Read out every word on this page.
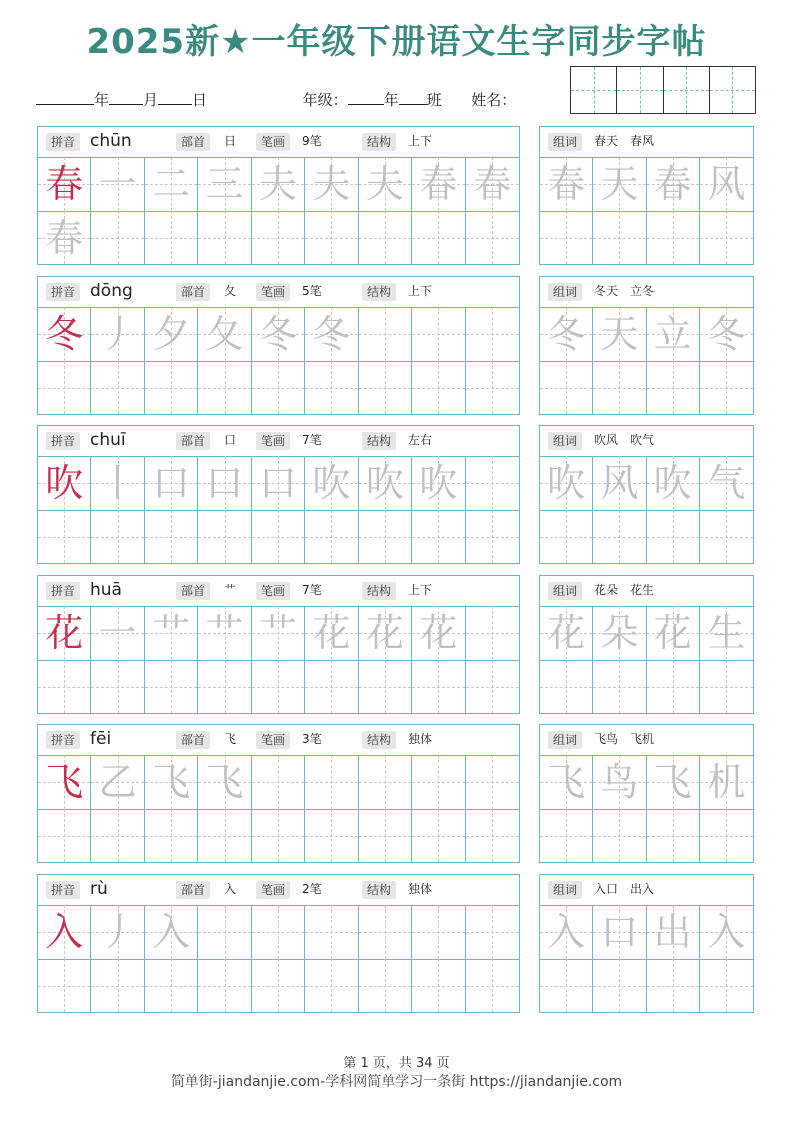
2025新★一年级下册语文生字同步字帖
年 月 日	年级： 年 班 姓名：
拼音 chūn	部首	日	笔画	9笔	结构	上下
春 一 二 三 夫 夫 夫 春 春
春
组词	春天　春风
春 天 春 风
拼音 dōng	部首	夂	笔画	5笔	结构	上下
冬 丿 夕 夂 冬 冬
组词	冬天　立冬
冬 天 立 冬
拼音 chuī	部首	口	笔画	7笔	结构	左右
吹 丨 口 口 口 吹 吹 吹
组词	吹风　吹气
吹 风 吹 气
拼音 huā	部首	艹	笔画	7笔	结构	上下
花 一 艹 艹 艹 花 花 花
组词	花朵　花生
花 朵 花 生
拼音 fēi	部首	飞	笔画	3笔	结构	独体
飞 乙 飞 飞
组词	飞鸟　飞机
飞 鸟 飞 机
拼音 rù	部首	入	笔画	2笔	结构	独体
入 丿 入
组词	入口　出入
入 口 出 入
第 1 页，共 34 页
简单街-jiandanjie.com-学科网简单学习一条街 https://jiandanjie.com
